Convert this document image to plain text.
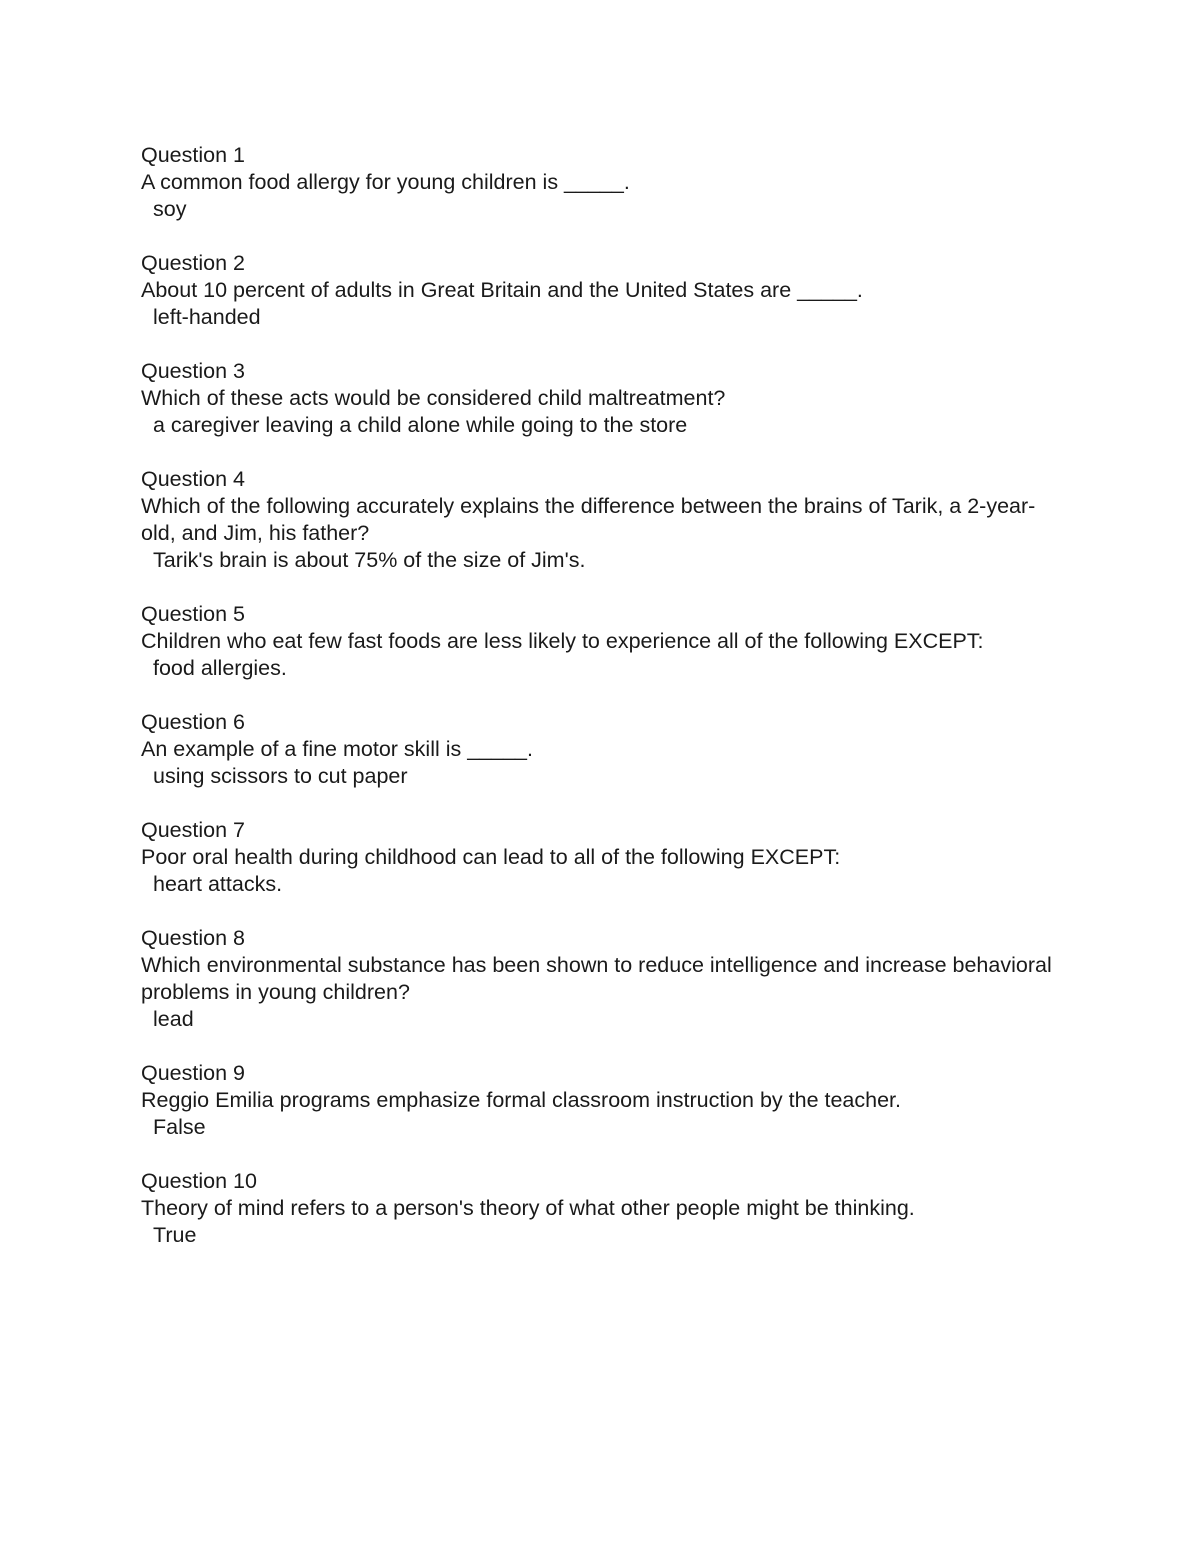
Question 1
A common food allergy for young children is _____.
soy
Question 2
About 10 percent of adults in Great Britain and the United States are _____.
left-handed
Question 3
Which of these acts would be considered child maltreatment?
a caregiver leaving a child alone while going to the store
Question 4
Which of the following accurately explains the difference between the brains of Tarik, a 2-year-old, and Jim, his father?
Tarik's brain is about 75% of the size of Jim's.
Question 5
Children who eat few fast foods are less likely to experience all of the following EXCEPT:
food allergies.
Question 6
An example of a fine motor skill is _____.
using scissors to cut paper
Question 7
Poor oral health during childhood can lead to all of the following EXCEPT:
heart attacks.
Question 8
Which environmental substance has been shown to reduce intelligence and increase behavioral problems in young children?
lead
Question 9
Reggio Emilia programs emphasize formal classroom instruction by the teacher.
False
Question 10
Theory of mind refers to a person's theory of what other people might be thinking.
True
